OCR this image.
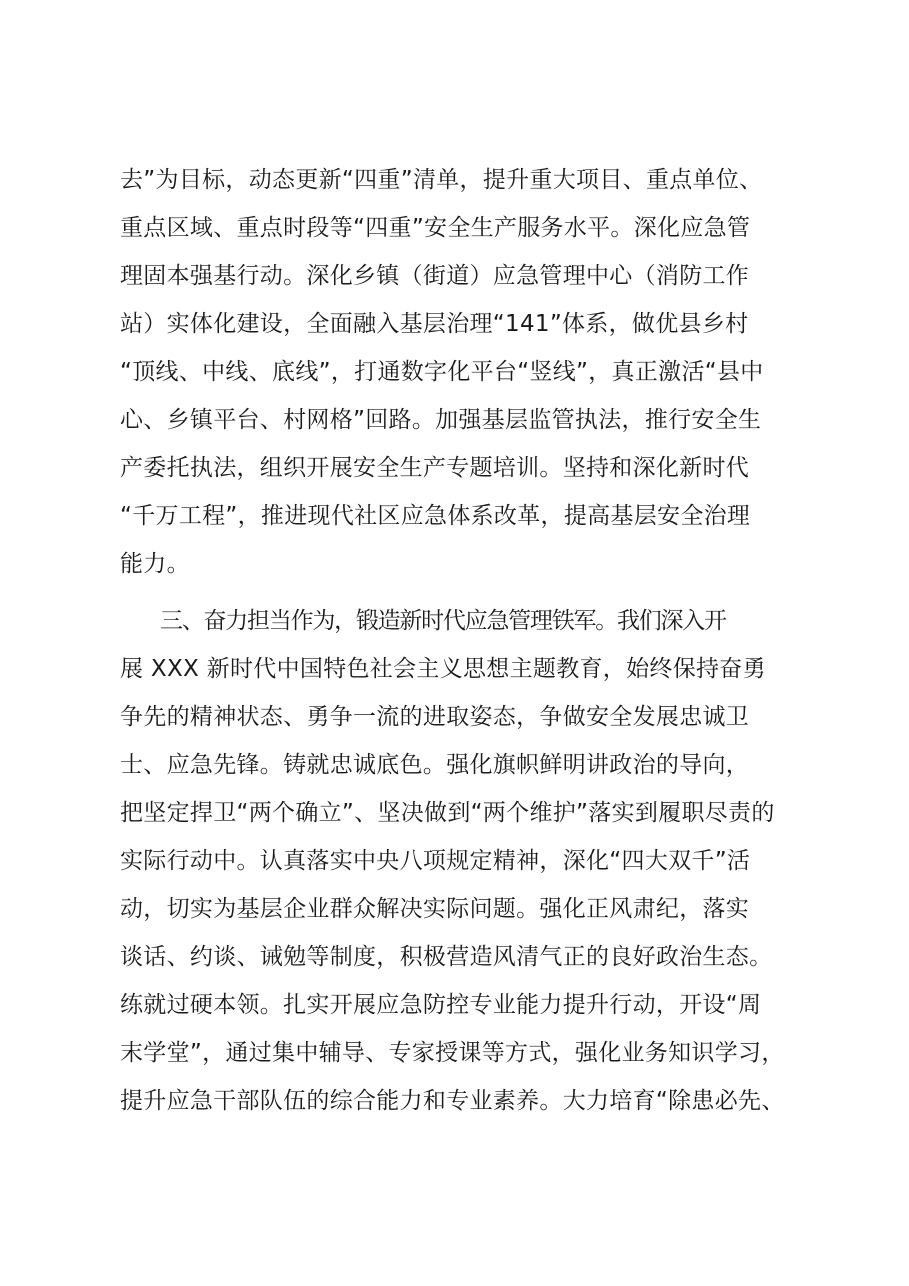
去”为目标，动态更新“四重”清单，提升重大项目、重点单位、
重点区域、重点时段等“四重”安全生产服务水平。深化应急管
理固本强基行动。深化乡镇（街道）应急管理中心（消防工作
站）实体化建设，全面融入基层治理“141”体系，做优县乡村
“顶线、中线、底线”，打通数字化平台“竖线”，真正激活“县中
心、乡镇平台、村网格”回路。加强基层监管执法，推行安全生
产委托执法，组织开展安全生产专题培训。坚持和深化新时代
“千万工程”，推进现代社区应急体系改革，提高基层安全治理
能力。
三、奋力担当作为，锻造新时代应急管理铁军。我们深入开
展 XXX 新时代中国特色社会主义思想主题教育，始终保持奋勇
争先的精神状态、勇争一流的进取姿态，争做安全发展忠诚卫
士、应急先锋。铸就忠诚底色。强化旗帜鲜明讲政治的导向，
把坚定捍卫“两个确立”、坚决做到“两个维护”落实到履职尽责的
实际行动中。认真落实中央八项规定精神，深化“四大双千”活
动，切实为基层企业群众解决实际问题。强化正风肃纪，落实
谈话、约谈、诫勉等制度，积极营造风清气正的良好政治生态。
练就过硬本领。扎实开展应急防控专业能力提升行动，开设“周
末学堂”，通过集中辅导、专家授课等方式，强化业务知识学习，
提升应急干部队伍的综合能力和专业素养。大力培育“除患必先、
